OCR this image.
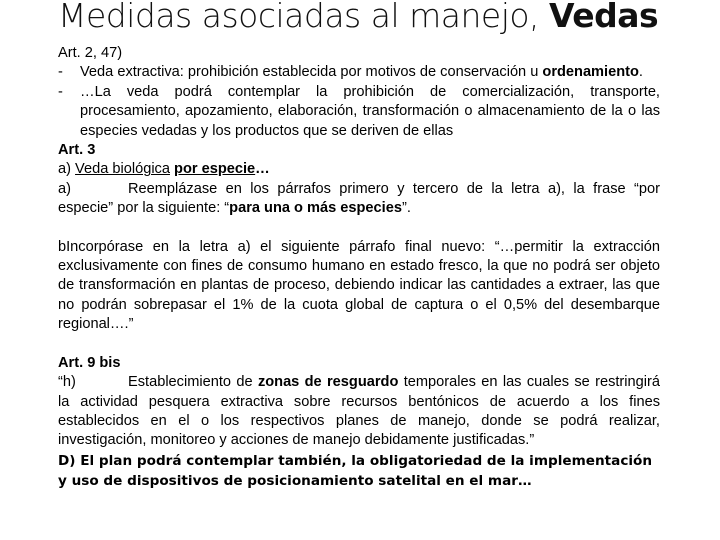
Medidas asociadas al manejo, Vedas

Art. 2, 47)

-	Veda extractiva: prohibición establecida por motivos de conservación u ordenamiento.
-	…La veda podrá contemplar la prohibición de comercialización, transporte, procesamiento, apozamiento, elaboración, transformación o almacenamiento de la o las especies vedadas y los productos que se deriven de ellas

Art. 3

a) Veda biológica por especie…

a)	Reemplázase en los párrafos primero y tercero de la letra a), la frase “por especie” por la siguiente: “para una o más especies”.

bIncorpórase en la letra a) el siguiente párrafo final nuevo: “…permitir la extracción exclusivamente con fines de consumo humano en estado fresco, la que no podrá ser objeto de transformación en plantas de proceso, debiendo indicar las cantidades a extraer, las que no podrán sobrepasar el 1% de la cuota global de captura o el 0,5% del desembarque regional….”

Art. 9 bis

“h)	Establecimiento de zonas de resguardo temporales en las cuales se restringirá la actividad pesquera extractiva sobre recursos bentónicos de acuerdo a los fines establecidos en el o los respectivos planes de manejo, donde se podrá realizar, investigación, monitoreo y acciones de manejo debidamente justificadas.”

D) El plan podrá contemplar también, la obligatoriedad de la implementación y uso de dispositivos de posicionamiento satelital en el mar…
